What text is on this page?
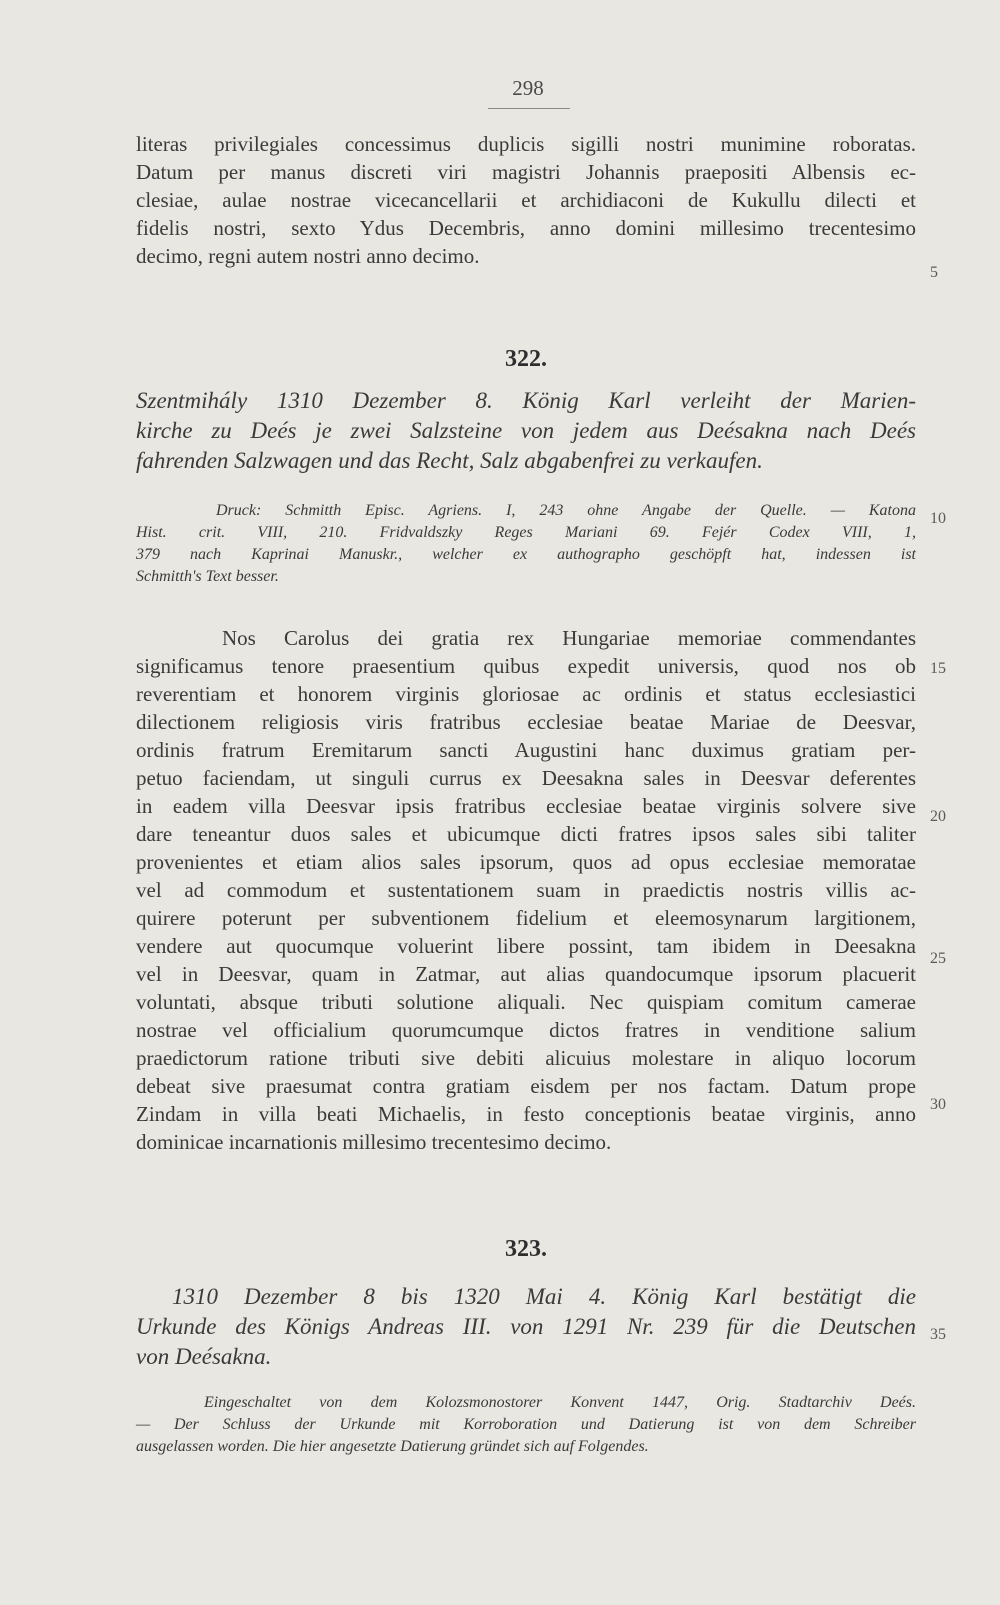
298
literas privilegiales concessimus duplicis sigilli nostri munimine roboratas.
Datum per manus discreti viri magistri Johannis praepositi Albensis ec-
clesiae, aulae nostrae vicecancellarii et archidiaconi de Kukullu dilecti et
fidelis nostri, sexto Ydus Decembris, anno domini millesimo trecentesimo
decimo, regni autem nostri anno decimo.
322.
Szentmihály 1310 Dezember 8. König Karl verleiht der Marien-
kirche zu Deés je zwei Salzsteine von jedem aus Deésakna nach Deés
fahrenden Salzwagen und das Recht, Salz abgabenfrei zu verkaufen.
Druck: Schmitth Episc. Agriens. I, 243 ohne Angabe der Quelle. — Katona
Hist. crit. VIII, 210. Fridvaldszky Reges Mariani 69. Fejér Codex VIII, 1,
379 nach Kaprinai Manuskr., welcher ex authographo geschöpft hat, indessen ist
Schmitth's Text besser.
Nos Carolus dei gratia rex Hungariae memoriae commendantes
significamus tenore praesentium quibus expedit universis, quod nos ob
reverentiam et honorem virginis gloriosae ac ordinis et status ecclesiastici
dilectionem religiosis viris fratribus ecclesiae beatae Mariae de Deesvar,
ordinis fratrum Eremitarum sancti Augustini hanc duximus gratiam per-
petuo faciendam, ut singuli currus ex Deesakna sales in Deesvar deferentes
in eadem villa Deesvar ipsis fratribus ecclesiae beatae virginis solvere sive
dare teneantur duos sales et ubicumque dicti fratres ipsos sales sibi taliter
provenientes et etiam alios sales ipsorum, quos ad opus ecclesiae memoratae
vel ad commodum et sustentationem suam in praedictis nostris villis ac-
quirere poterunt per subventionem fidelium et eleemosynarum largitionem,
vendere aut quocumque voluerint libere possint, tam ibidem in Deesakna
vel in Deesvar, quam in Zatmar, aut alias quandocumque ipsorum placuerit
voluntati, absque tributi solutione aliquali. Nec quispiam comitum camerae
nostrae vel officialium quorumcumque dictos fratres in venditione salium
praedictorum ratione tributi sive debiti alicuius molestare in aliquo locorum
debeat sive praesumat contra gratiam eisdem per nos factam. Datum prope
Zindam in villa beati Michaelis, in festo conceptionis beatae virginis, anno
dominicae incarnationis millesimo trecentesimo decimo.
323.
1310 Dezember 8 bis 1320 Mai 4. König Karl bestätigt die
Urkunde des Königs Andreas III. von 1291 Nr. 239 für die Deutschen
von Deésakna.
Eingeschaltet von dem Kolozsmonostorer Konvent 1447, Orig. Stadtarchiv Deés.
— Der Schluss der Urkunde mit Korroboration und Datierung ist von dem Schreiber
ausgelassen worden. Die hier angesetzte Datierung gründet sich auf Folgendes.
5
10
15
20
25
30
35
